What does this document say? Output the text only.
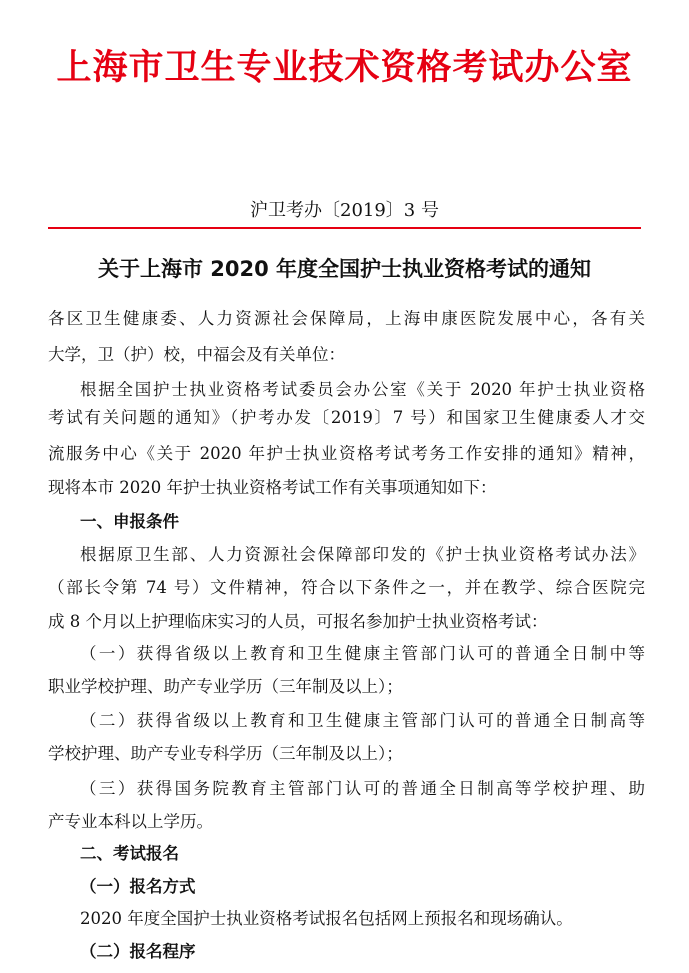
上海市卫生专业技术资格考试办公室
沪卫考办〔2019〕3 号
关于上海市 2020 年度全国护士执业资格考试的通知
各区卫生健康委、人力资源社会保障局，上海申康医院发展中心，各有关
大学，卫（护）校，中福会及有关单位：
根据全国护士执业资格考试委员会办公室《关于 2020 年护士执业资格
考试有关问题的通知》（护考办发〔2019〕7 号）和国家卫生健康委人才交
流服务中心《关于 2020 年护士执业资格考试考务工作安排的通知》精神，
现将本市 2020 年护士执业资格考试工作有关事项通知如下：
一、申报条件
根据原卫生部、人力资源社会保障部印发的《护士执业资格考试办法》
（部长令第 74 号）文件精神，符合以下条件之一，并在教学、综合医院完
成 8 个月以上护理临床实习的人员，可报名参加护士执业资格考试：
（一）获得省级以上教育和卫生健康主管部门认可的普通全日制中等
职业学校护理、助产专业学历（三年制及以上）；
（二）获得省级以上教育和卫生健康主管部门认可的普通全日制高等
学校护理、助产专业专科学历（三年制及以上）；
（三）获得国务院教育主管部门认可的普通全日制高等学校护理、助
产专业本科以上学历。
二、考试报名
（一）报名方式
2020 年度全国护士执业资格考试报名包括网上预报名和现场确认。
（二）报名程序
